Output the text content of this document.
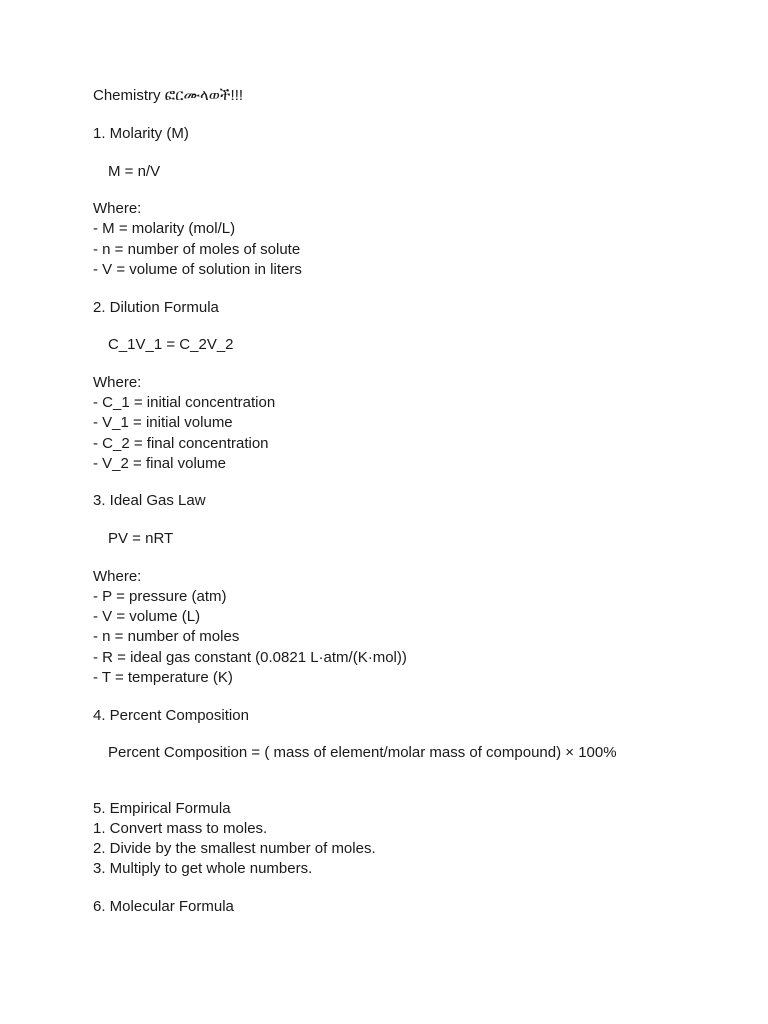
Chemistry ፎርሙላወች!!!
1. Molarity (M)
M = n/V
Where:
- M = molarity (mol/L)
- n = number of moles of solute
- V = volume of solution in liters
2. Dilution Formula
C_1V_1 = C_2V_2
Where:
- C_1 = initial concentration
- V_1 = initial volume
- C_2 = final concentration
- V_2 = final volume
3. Ideal Gas Law
PV = nRT
Where:
- P = pressure (atm)
- V = volume (L)
- n = number of moles
- R = ideal gas constant (0.0821 L·atm/(K·mol))
- T = temperature (K)
4. Percent Composition
Percent Composition = ( mass of element/molar mass of compound) × 100%
5. Empirical Formula
1. Convert mass to moles.
2. Divide by the smallest number of moles.
3. Multiply to get whole numbers.
6. Molecular Formula
